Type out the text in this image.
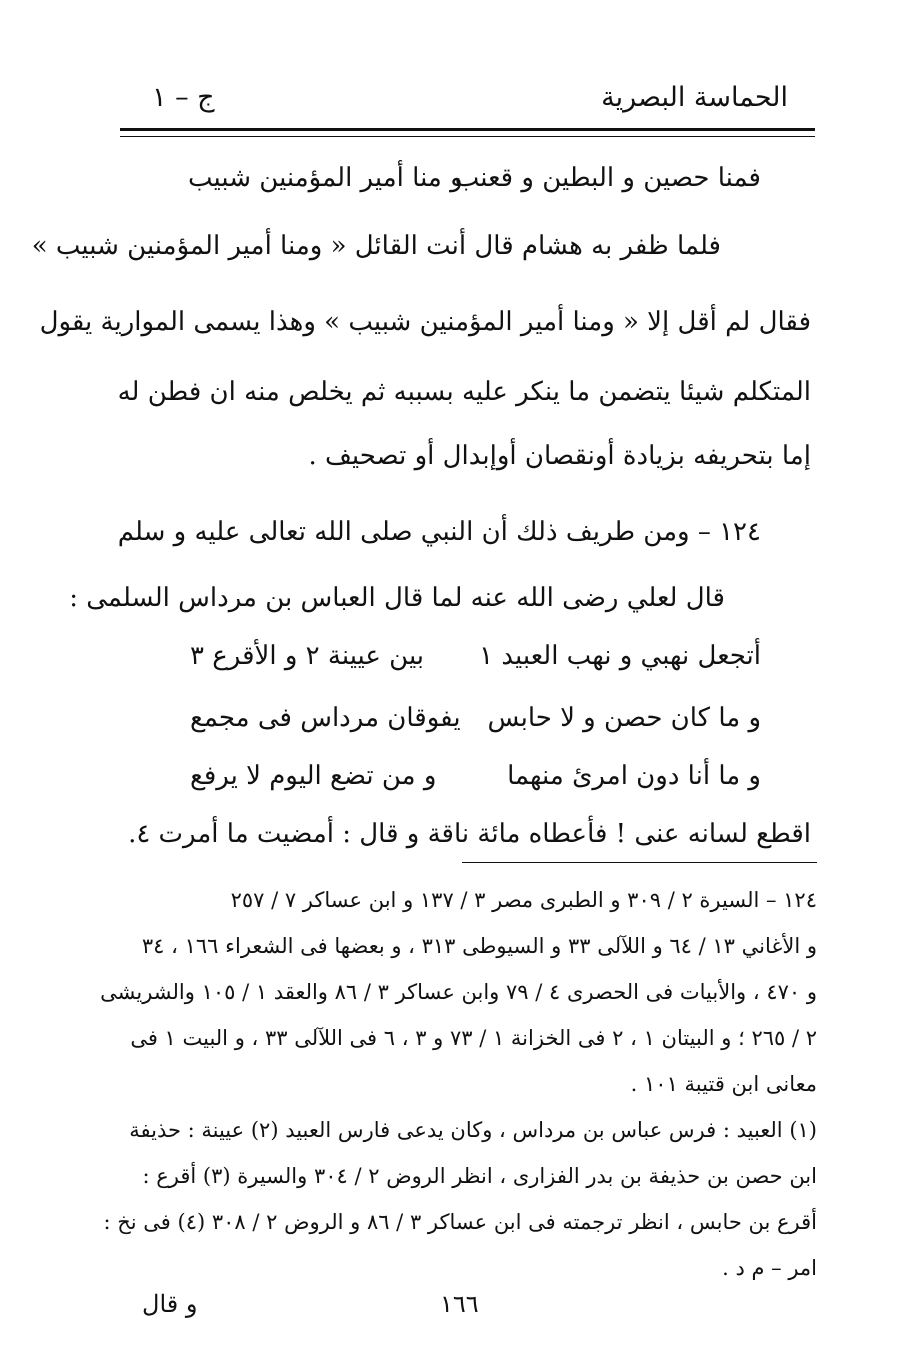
الحماسة البصرية
ج – ١
فمنا حصين و البطين و قعنب
و منا أمير المؤمنين شبيب
فلما ظفر به هشام قال أنت القائل « ومنا أمير المؤمنين شبيب »
فقال لم أقل إلا « ومنا أمير المؤمنين شبيب » وهذا يسمى الموارية يقول
المتكلم شيئا يتضمن ما ينكر عليه بسببه ثم يخلص منه ان فطن له
إما بتحريفه بزيادة أونقصان أوإبدال أو تصحيف .
١٢٤ – ومن طريف ذلك أن النبي صلى الله تعالى عليه و سلم
قال لعلي رضى الله عنه لما قال العباس بن مرداس السلمى :
أتجعل نهبي و نهب العبيد ١
بين عيينة ٢ و الأقرع ٣
و ما كان حصن و لا حابس
يفوقان مرداس فى مجمع
و ما أنا دون امرئ منهما
و من تضع اليوم لا يرفع
اقطع لسانه عنى ! فأعطاه مائة ناقة و قال : أمضيت ما أمرت ٤.
١٢٤ – السيرة ٢ / ٣٠٩ و الطبرى مصر ٣ / ١٣٧ و ابن عساكر ٧ / ٢٥٧
و الأغاني ١٣ / ٦٤ و اللآلى ٣٣ و السيوطى ٣١٣ ، و بعضها فى الشعراء ١٦٦ ، ٣٤
و ٤٧٠ ، والأبيات فى الحصرى ٤ / ٧٩ وابن عساكر ٣ / ٨٦ والعقد ١ / ١٠٥ والشريشى
٢ / ٢٦٥ ؛ و البيتان ١ ، ٢ فى الخزانة ١ / ٧٣ و ٣ ، ٦ فى اللآلى ٣٣ ، و البيت ١ فى
معانى ابن قتيبة ١٠١ .
(١) العبيد : فرس عباس بن مرداس ، وكان يدعى فارس العبيد (٢) عيينة : حذيفة
ابن حصن بن حذيفة بن بدر الفزارى ، انظر الروض ٢ / ٣٠٤ والسيرة (٣) أقرع :
أقرع بن حابس ، انظر ترجمته فى ابن عساكر ٣ / ٨٦ و الروض ٢ / ٣٠٨ (٤) فى نخ :
امر – م د .
١٦٦
و قال
